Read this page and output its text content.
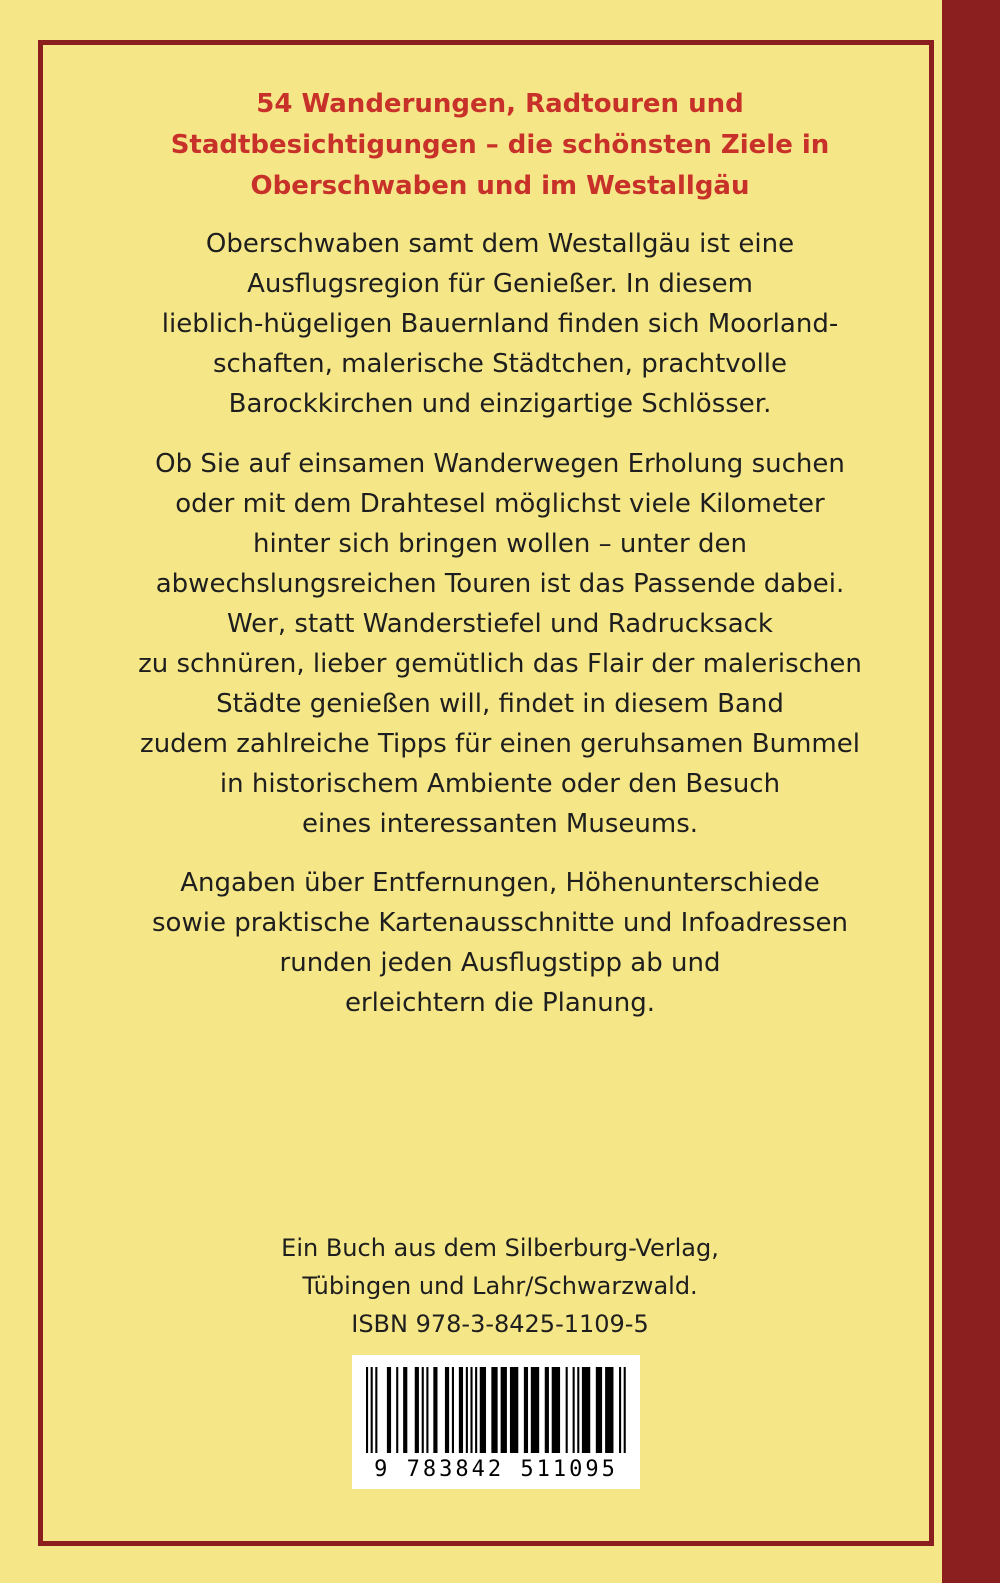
54 Wanderungen, Radtouren und
Stadtbesichtigungen – die schönsten Ziele in
Oberschwaben und im Westallgäu

Oberschwaben samt dem Westallgäu ist eine
Ausflugsregion für Genießer. In diesem
lieblich-hügeligen Bauernland finden sich Moorland-
schaften, malerische Städtchen, prachtvolle
Barockkirchen und einzigartige Schlösser.

Ob Sie auf einsamen Wanderwegen Erholung suchen
oder mit dem Drahtesel möglichst viele Kilometer
hinter sich bringen wollen – unter den
abwechslungsreichen Touren ist das Passende dabei.
Wer, statt Wanderstiefel und Radrucksack
zu schnüren, lieber gemütlich das Flair der malerischen
Städte genießen will, findet in diesem Band
zudem zahlreiche Tipps für einen geruhsamen Bummel
in historischem Ambiente oder den Besuch
eines interessanten Museums.

Angaben über Entfernungen, Höhenunterschiede
sowie praktische Kartenausschnitte und Infoadressen
runden jeden Ausflugstipp ab und
erleichtern die Planung.

Ein Buch aus dem Silberburg-Verlag,
Tübingen und Lahr/Schwarzwald.
ISBN 978-3-8425-1109-5

9 783842 511095
